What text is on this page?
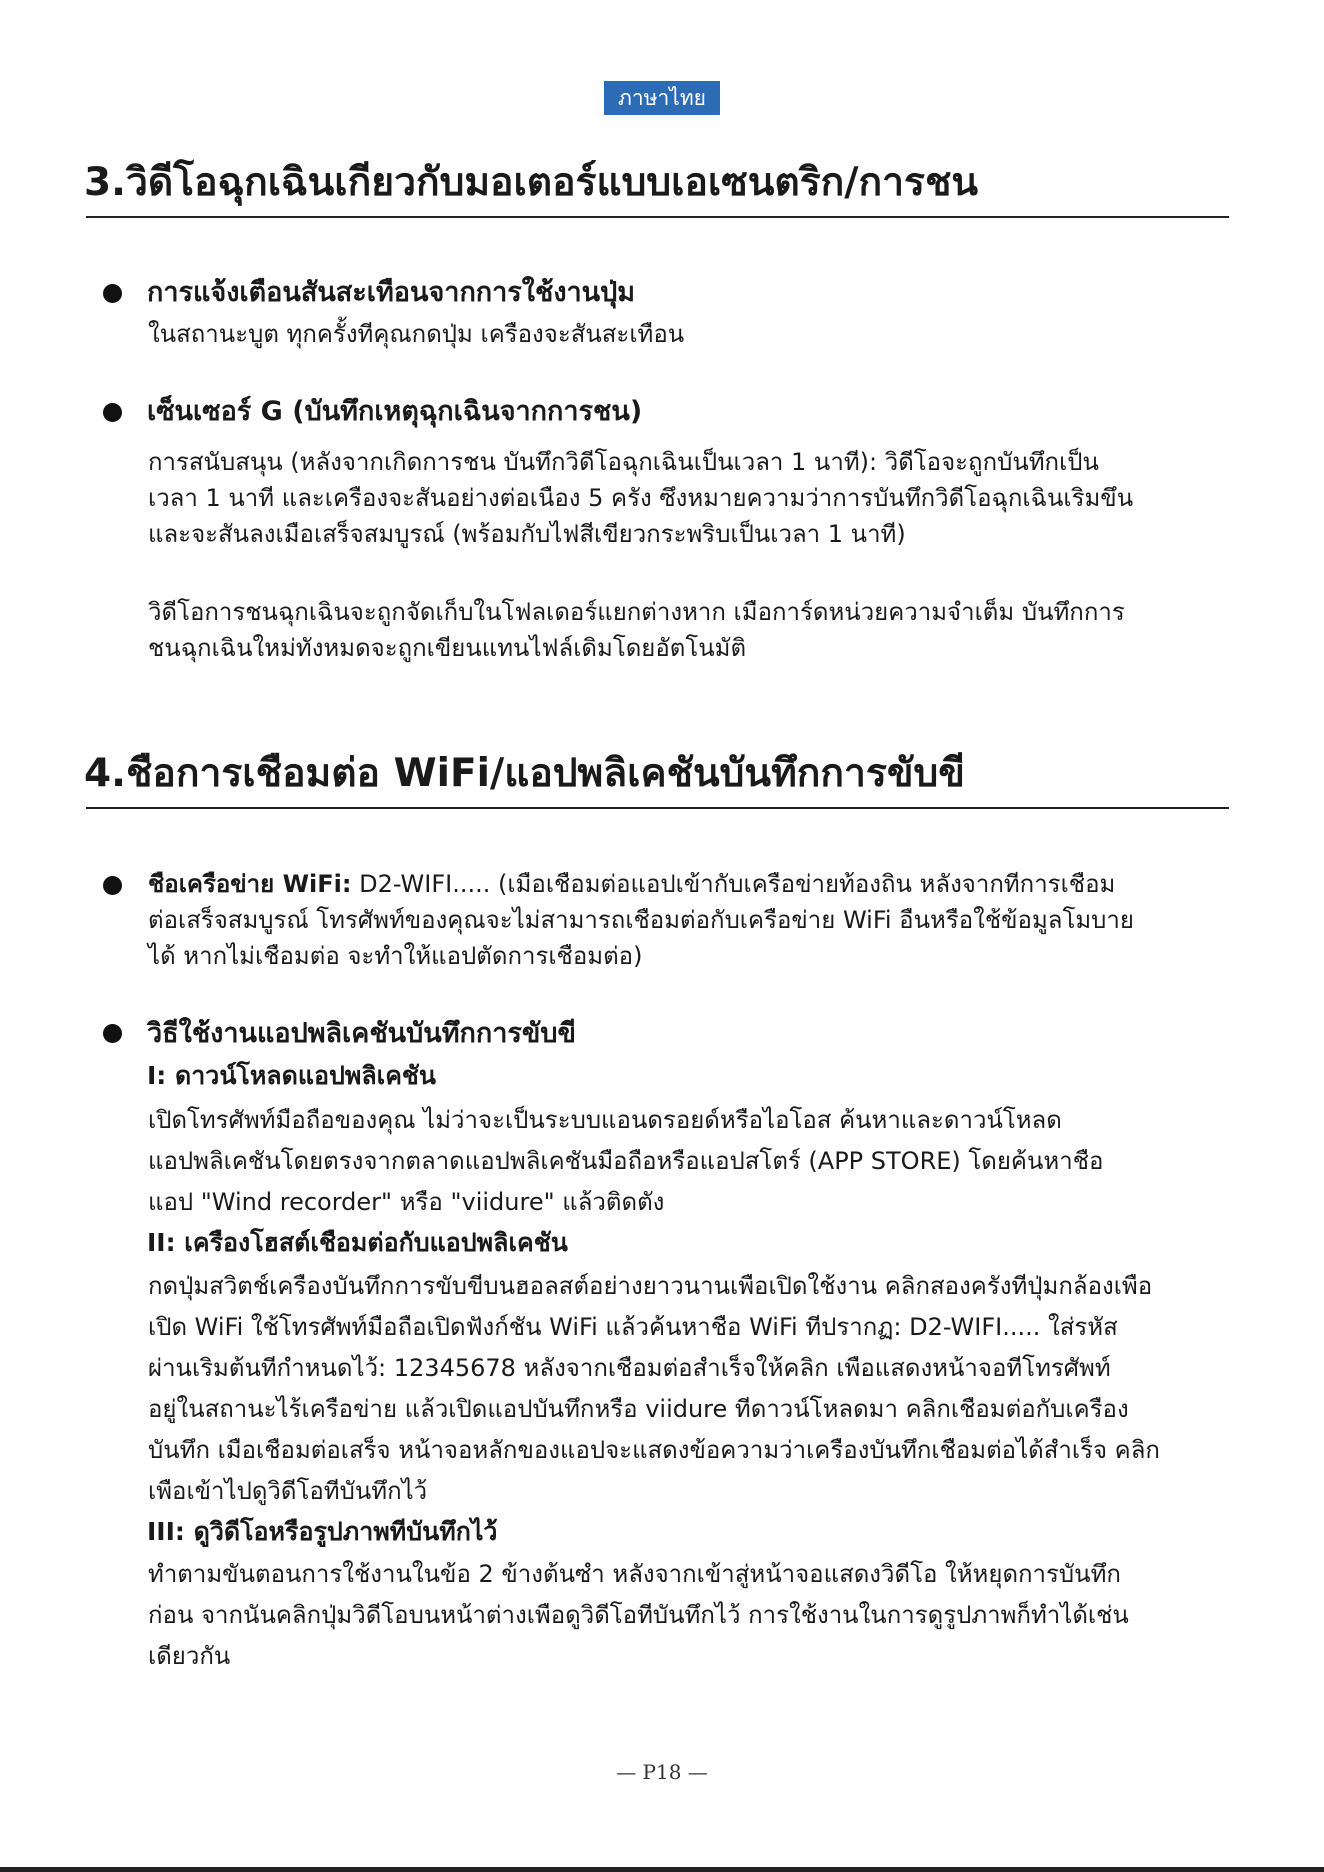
ภาษาไทย
3.วิดีโอฉุกเฉินเกียวกับมอเตอร์แบบเอเซนตริก/การชน
การแจ้งเตือนสันสะเทือนจากการใช้งานปุ่ม
ในสถานะบูต ทุกครั้งทีคุณกดปุ่ม เครืองจะสันสะเทือน
เซ็นเซอร์ G (บันทึกเหตุฉุกเฉินจากการชน)
การสนับสนุน (หลังจากเกิดการชน บันทึกวิดีโอฉุกเฉินเป็นเวลา 1 นาที): วิดีโอจะถูกบันทึกเป็น
เวลา 1 นาที และเครืองจะสันอย่างต่อเนือง 5 ครัง ซึงหมายความว่าการบันทึกวิดีโอฉุกเฉินเริมขึน
และจะสันลงเมือเสร็จสมบูรณ์ (พร้อมกับไฟสีเขียวกระพริบเป็นเวลา 1 นาที)
วิดีโอการชนฉุกเฉินจะถูกจัดเก็บในโฟลเดอร์แยกต่างหาก เมือการ์ดหน่วยความจำเต็ม บันทึกการ
ชนฉุกเฉินใหม่ทังหมดจะถูกเขียนแทนไฟล์เดิมโดยอัตโนมัติ
4.ชือการเชือมต่อ WiFi/แอปพลิเคชันบันทึกการขับขี
ชือเครือข่าย WiFi: D2-WIFI..... (เมือเชือมต่อแอปเข้ากับเครือข่ายท้องถิน หลังจากทีการเชือม
ต่อเสร็จสมบูรณ์ โทรศัพท์ของคุณจะไม่สามารถเชือมต่อกับเครือข่าย WiFi อืนหรือใช้ข้อมูลโมบาย
ได้ หากไม่เชือมต่อ จะทำให้แอปตัดการเชือมต่อ)
วิธีใช้งานแอปพลิเคชันบันทึกการขับขี
I: ดาวน์โหลดแอปพลิเคชัน
เปิดโทรศัพท์มือถือของคุณ ไม่ว่าจะเป็นระบบแอนดรอยด์หรือไอโอส ค้นหาและดาวน์โหลด
แอปพลิเคชันโดยตรงจากตลาดแอปพลิเคชันมือถือหรือแอปสโตร์ (APP STORE) โดยค้นหาชือ
แอป "Wind recorder" หรือ "viidure" แล้วติดตัง
II: เครืองโฮสต์เชือมต่อกับแอปพลิเคชัน
กดปุ่มสวิตช์เครืองบันทึกการขับขีบนฮอลสต์อย่างยาวนานเพือเปิดใช้งาน คลิกสองครังทีปุ่มกล้องเพือ
เปิด WiFi ใช้โทรศัพท์มือถือเปิดฟังก์ชัน WiFi แล้วค้นหาชือ WiFi ทีปรากฏ: D2-WIFI..... ใส่รหัส
ผ่านเริมต้นทีกำหนดไว้: 12345678 หลังจากเชือมต่อสำเร็จให้คลิก เพือแสดงหน้าจอทีโทรศัพท์
อยู่ในสถานะไร้เครือข่าย แล้วเปิดแอปบันทึกหรือ viidure ทีดาวน์โหลดมา คลิกเชือมต่อกับเครือง
บันทึก เมือเชือมต่อเสร็จ หน้าจอหลักของแอปจะแสดงข้อความว่าเครืองบันทึกเชือมต่อได้สำเร็จ คลิก
เพือเข้าไปดูวิดีโอทีบันทึกไว้
III: ดูวิดีโอหรือรูปภาพทีบันทึกไว้
ทำตามขันตอนการใช้งานในข้อ 2 ข้างต้นซำ หลังจากเข้าสู่หน้าจอแสดงวิดีโอ ให้หยุดการบันทึก
ก่อน จากนันคลิกปุ่มวิดีโอบนหน้าต่างเพือดูวิดีโอทีบันทึกไว้ การใช้งานในการดูรูปภาพก็ทำได้เช่น
เดียวกัน
— P18 —
